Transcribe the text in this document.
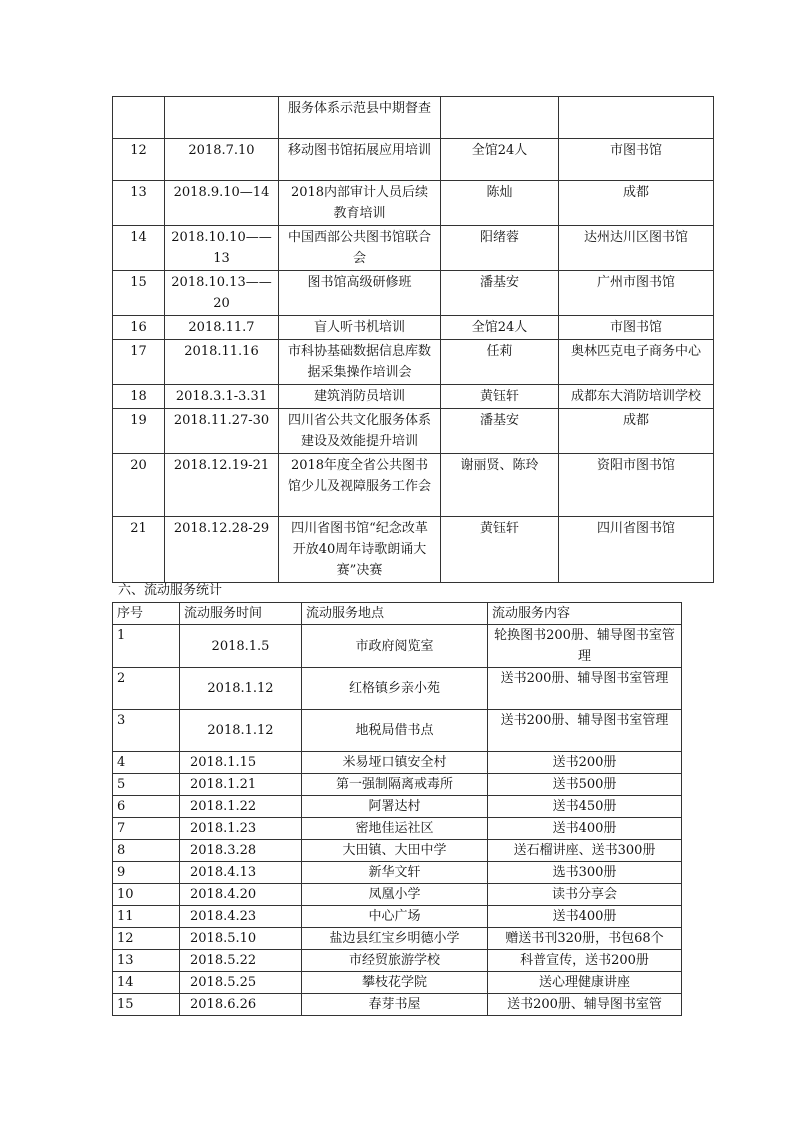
		服务体系示范县中期督查		
12	2018.7.10	移动图书馆拓展应用培训	全馆24人	市图书馆
13	2018.9.10—14	2018内部审计人员后续教育培训	陈灿	成都
14	2018.10.10——13	中国西部公共图书馆联合会	阳绪蓉	达州达川区图书馆
15	2018.10.13——20	图书馆高级研修班	潘基安	广州市图书馆
16	2018.11.7	盲人听书机培训	全馆24人	市图书馆
17	2018.11.16	市科协基础数据信息库数据采集操作培训会	任莉	奥林匹克电子商务中心
18	2018.3.1-3.31	建筑消防员培训	黄钰轩	成都东大消防培训学校
19	2018.11.27-30	四川省公共文化服务体系建设及效能提升培训	潘基安	成都
20	2018.12.19-21	2018年度全省公共图书馆少儿及视障服务工作会	谢丽贤、陈玲	资阳市图书馆
21	2018.12.28-29	四川省图书馆“纪念改革开放40周年诗歌朗诵大赛”决赛	黄钰轩	四川省图书馆
六、流动服务统计
序号	流动服务时间	流动服务地点	流动服务内容
1	2018.1.5	市政府阅览室	轮换图书200册、辅导图书室管理
2	2018.1.12	红格镇乡亲小苑	送书200册、辅导图书室管理
3	2018.1.12	地税局借书点	送书200册、辅导图书室管理
4	2018.1.15	米易垭口镇安全村	送书200册
5	2018.1.21	第一强制隔离戒毒所	送书500册
6	2018.1.22	阿署达村	送书450册
7	2018.1.23	密地佳运社区	送书400册
8	2018.3.28	大田镇、大田中学	送石榴讲座、送书300册
9	2018.4.13	新华文轩	选书300册
10	2018.4.20	凤凰小学	读书分享会
11	2018.4.23	中心广场	送书400册
12	2018.5.10	盐边县红宝乡明德小学	赠送书刊320册，书包68个
13	2018.5.22	市经贸旅游学校	科普宣传，送书200册
14	2018.5.25	攀枝花学院	送心理健康讲座
15	2018.6.26	春芽书屋	送书200册、辅导图书室管
